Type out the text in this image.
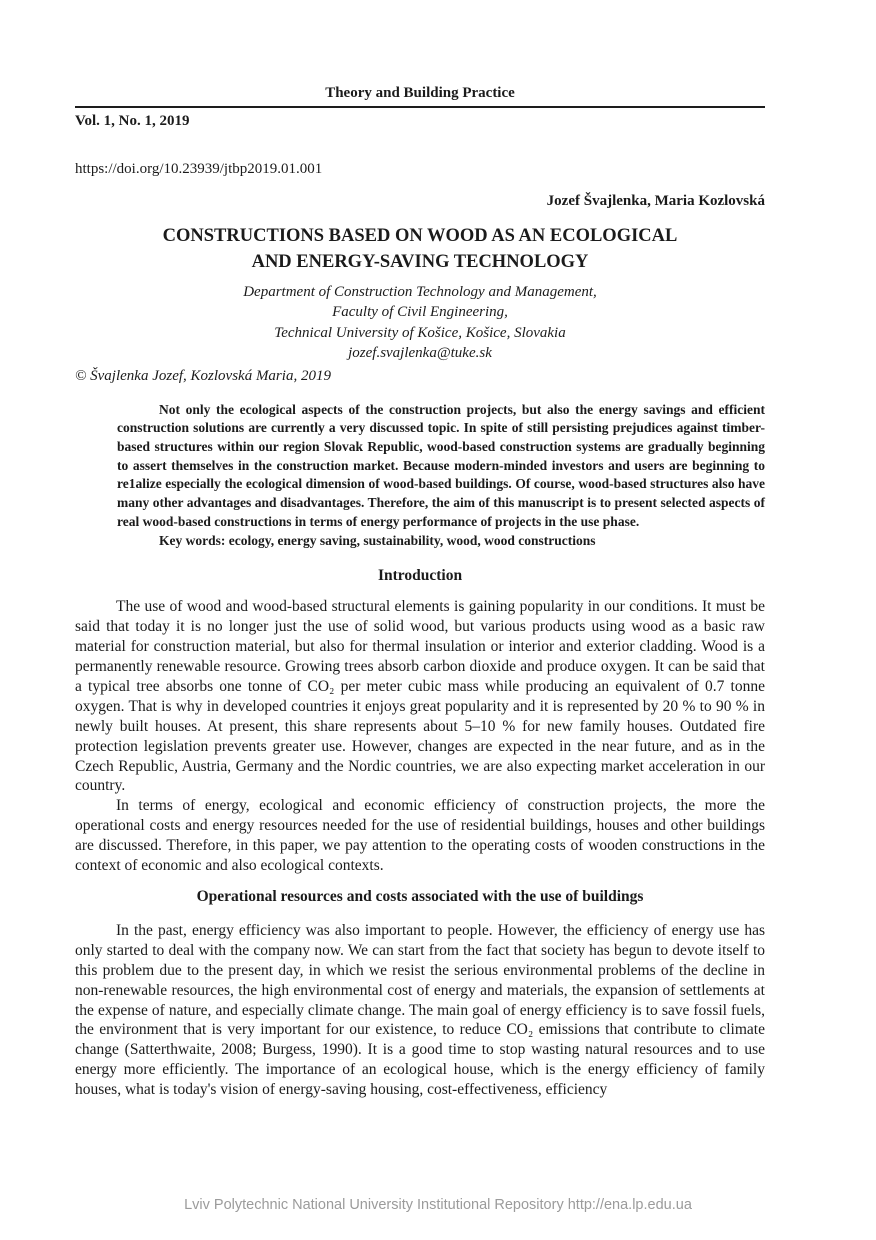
Theory and Building Practice
Vol. 1, No. 1, 2019
https://doi.org/10.23939/jtbp2019.01.001
Jozef Švajlenka, Maria Kozlovská
CONSTRUCTIONS BASED ON WOOD AS AN ECOLOGICAL
AND ENERGY-SAVING TECHNOLOGY
Department of Construction Technology and Management,
Faculty of Civil Engineering,
Technical University of Košice, Košice, Slovakia
jozef.svajlenka@tuke.sk
© Švajlenka Jozef, Kozlovská Maria, 2019
Not only the ecological aspects of the construction projects, but also the energy savings and efficient construction solutions are currently a very discussed topic. In spite of still persisting prejudices against timber-based structures within our region Slovak Republic, wood-based construction systems are gradually beginning to assert themselves in the construction market. Because modern-minded investors and users are beginning to re1alize especially the ecological dimension of wood-based buildings. Of course, wood-based structures also have many other advantages and disadvantages. Therefore, the aim of this manuscript is to present selected aspects of real wood-based constructions in terms of energy performance of projects in the use phase.
Key words: ecology, energy saving, sustainability, wood, wood constructions
Introduction

The use of wood and wood-based structural elements is gaining popularity in our conditions. It must be said that today it is no longer just the use of solid wood, but various products using wood as a basic raw material for construction material, but also for thermal insulation or interior and exterior cladding. Wood is a permanently renewable resource. Growing trees absorb carbon dioxide and produce oxygen. It can be said that a typical tree absorbs one tonne of CO₂ per meter cubic mass while producing an equivalent of 0.7 tonne oxygen. That is why in developed countries it enjoys great popularity and it is represented by 20 % to 90 % in newly built houses. At present, this share represents about 5–10 % for new family houses. Outdated fire protection legislation prevents greater use. However, changes are expected in the near future, and as in the Czech Republic, Austria, Germany and the Nordic countries, we are also expecting market acceleration in our country.

In terms of energy, ecological and economic efficiency of construction projects, the more the operational costs and energy resources needed for the use of residential buildings, houses and other buildings are discussed. Therefore, in this paper, we pay attention to the operating costs of wooden constructions in the context of economic and also ecological contexts.

Operational resources and costs associated with the use of buildings

In the past, energy efficiency was also important to people. However, the efficiency of energy use has only started to deal with the company now. We can start from the fact that society has begun to devote itself to this problem due to the present day, in which we resist the serious environmental problems of the decline in non-renewable resources, the high environmental cost of energy and materials, the expansion of settlements at the expense of nature, and especially climate change. The main goal of energy efficiency is to save fossil fuels, the environment that is very important for our existence, to reduce CO₂ emissions that contribute to climate change (Satterthwaite, 2008; Burgess, 1990). It is a good time to stop wasting natural resources and to use energy more efficiently. The importance of an ecological house, which is the energy efficiency of family houses, what is today's vision of energy-saving housing, cost-effectiveness, efficiency

Lviv Polytechnic National University Institutional Repository http://ena.lp.edu.ua
